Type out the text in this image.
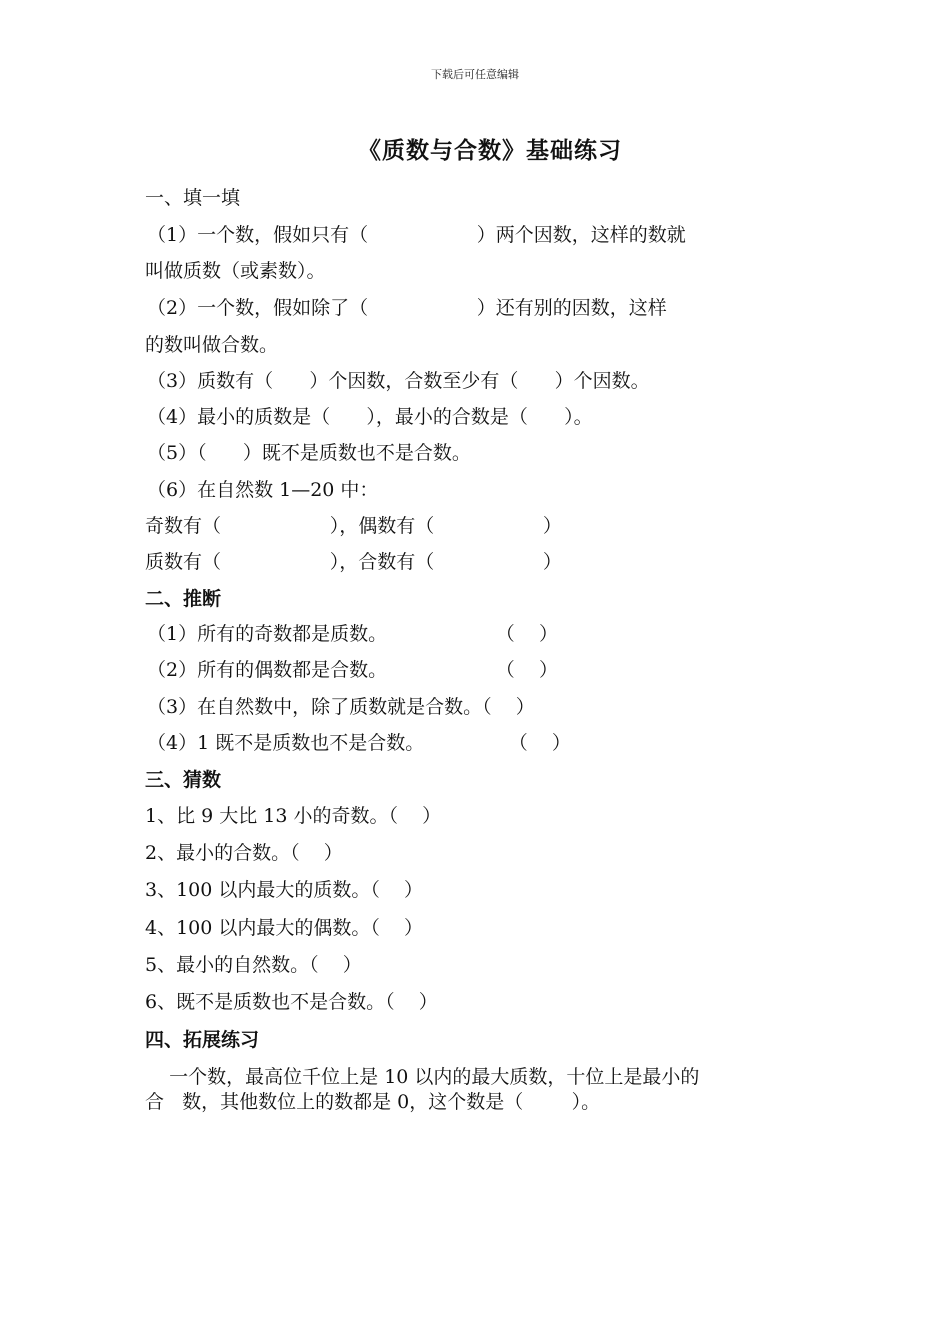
下载后可任意编辑
《质数与合数》基础练习
一、填一填
（1）一个数，假如只有（                  ）两个因数，这样的数就
叫做质数（或素数）。
（2）一个数，假如除了（                  ）还有别的因数，这样
的数叫做合数。
（3）质数有（      ）个因数，合数至少有（      ）个因数。
（4）最小的质数是（      ），最小的合数是（      ）。
（5）（      ）既不是质数也不是合数。
（6）在自然数 1—20 中：
奇数有（                  ），偶数有（                  ）
质数有（                  ），合数有（                  ）
二、推断
（1）所有的奇数都是质数。                  （    ）
（2）所有的偶数都是合数。                  （    ）
（3）在自然数中，除了质数就是合数。（    ）
（4）1 既不是质数也不是合数。              （    ）
三、猜数
1、比 9 大比 13 小的奇数。（    ）
2、最小的合数。（    ）
3、100 以内最大的质数。（    ）
4、100 以内最大的偶数。（    ）
5、最小的自然数。（    ）
6、既不是质数也不是合数。（    ）
四、拓展练习
一个数，最高位千位上是 10 以内的最大质数，十位上是最小的
合   数，其他数位上的数都是 0，这个数是（        ）。
